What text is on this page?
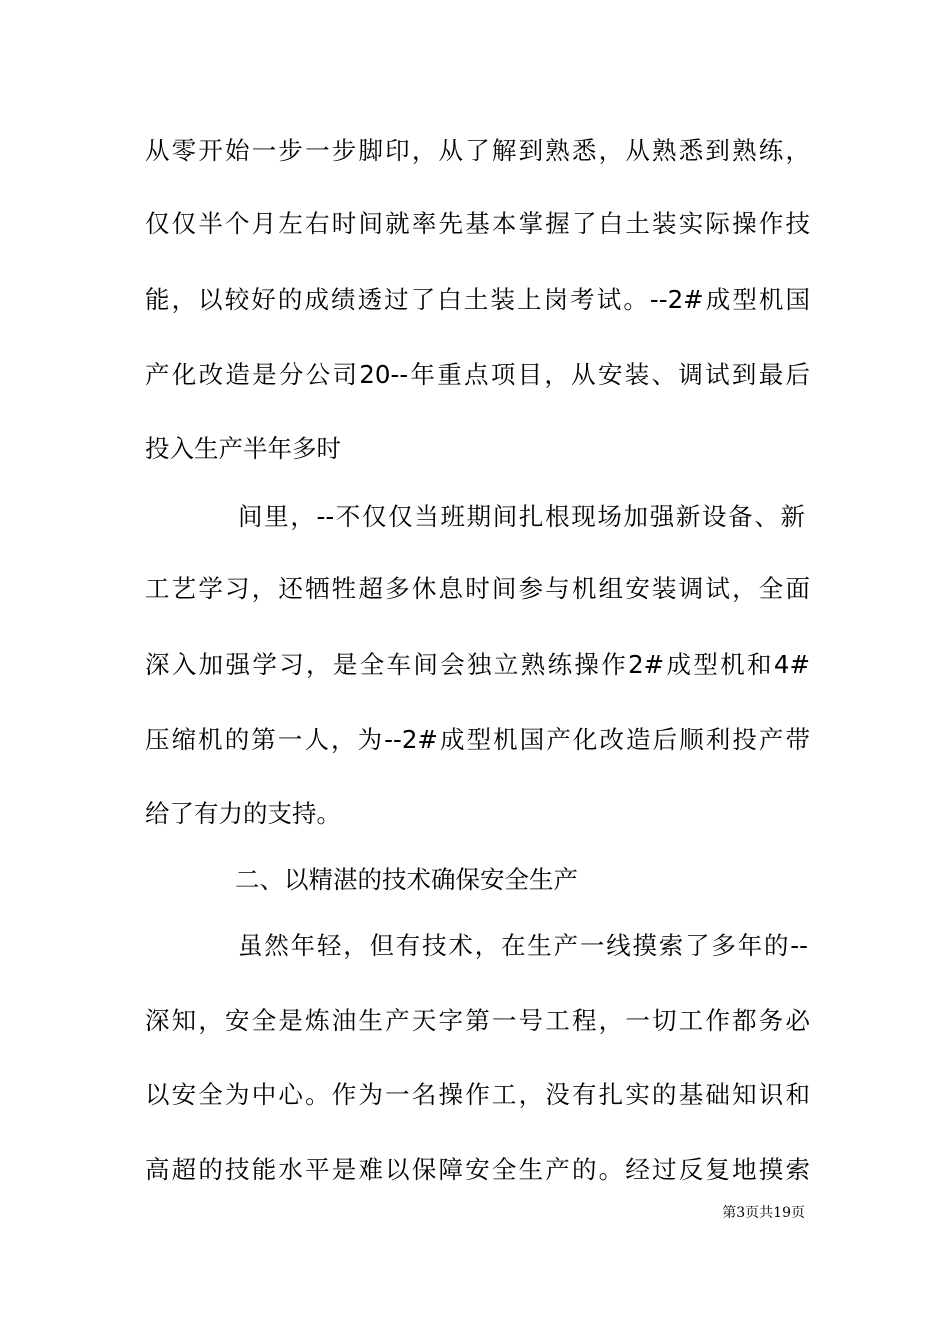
从零开始一步一步脚印，从了解到熟悉，从熟悉到熟练，
仅仅半个月左右时间就率先基本掌握了白土装实际操作技
能，以较好的成绩透过了白土装上岗考试。--2#成型机国
产化改造是分公司20--年重点项目，从安装、调试到最后
投入生产半年多时
间里，--不仅仅当班期间扎根现场加强新设备、新
工艺学习，还牺牲超多休息时间参与机组安装调试，全面
深入加强学习，是全车间会独立熟练操作2#成型机和4#
压缩机的第一人，为--2#成型机国产化改造后顺利投产带
给了有力的支持。
二、以精湛的技术确保安全生产
虽然年轻，但有技术，在生产一线摸索了多年的--
深知，安全是炼油生产天字第一号工程，一切工作都务必
以安全为中心。作为一名操作工，没有扎实的基础知识和
高超的技能水平是难以保障安全生产的。经过反复地摸索
第3页共19页
